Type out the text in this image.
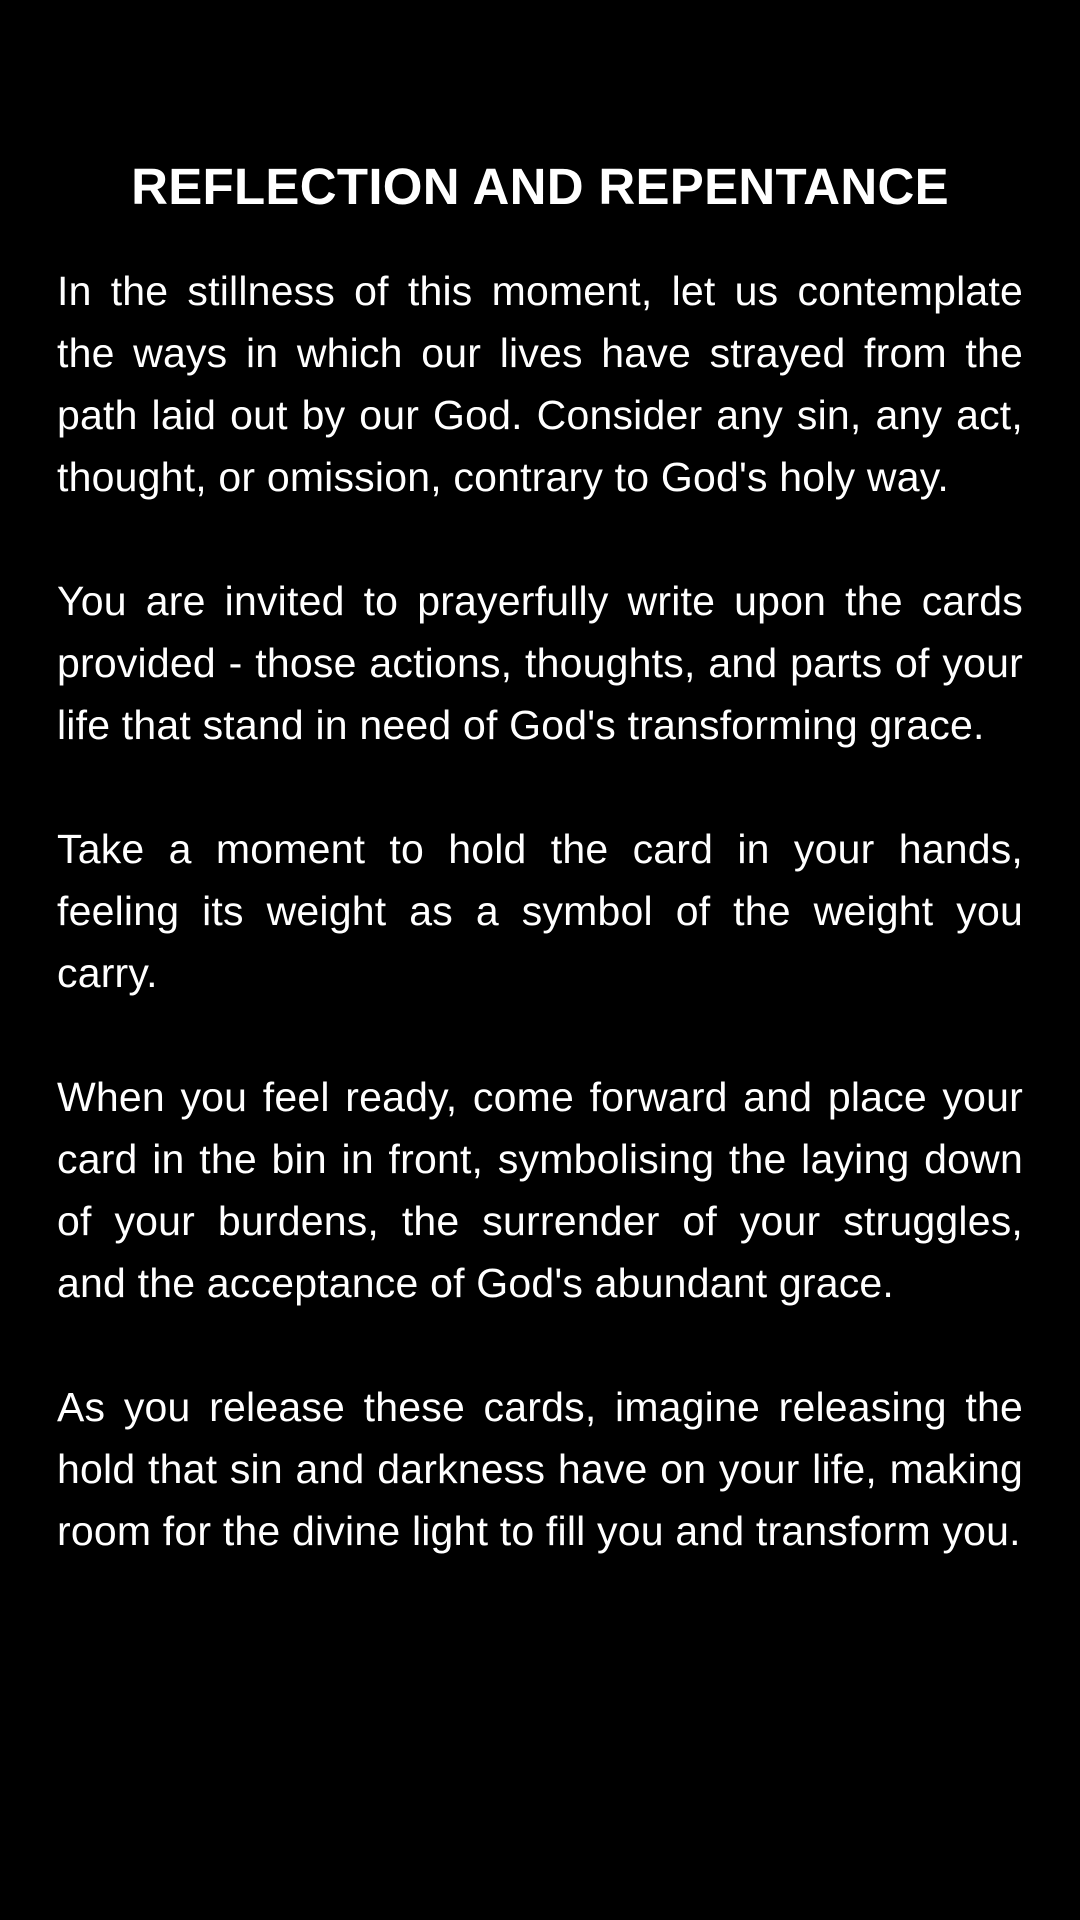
REFLECTION AND REPENTANCE

In the stillness of this moment, let us contemplate the ways in which our lives have strayed from the path laid out by our God. Consider any sin, any act, thought, or omission, contrary to God's holy way.

You are invited to prayerfully write upon the cards provided - those actions, thoughts, and parts of your life that stand in need of God's transforming grace.

Take a moment to hold the card in your hands, feeling its weight as a symbol of the weight you carry.

When you feel ready, come forward and place your card in the bin in front, symbolising the laying down of your burdens, the surrender of your struggles, and the acceptance of God's abundant grace.

As you release these cards, imagine releasing the hold that sin and darkness have on your life, making room for the divine light to fill you and transform you.
